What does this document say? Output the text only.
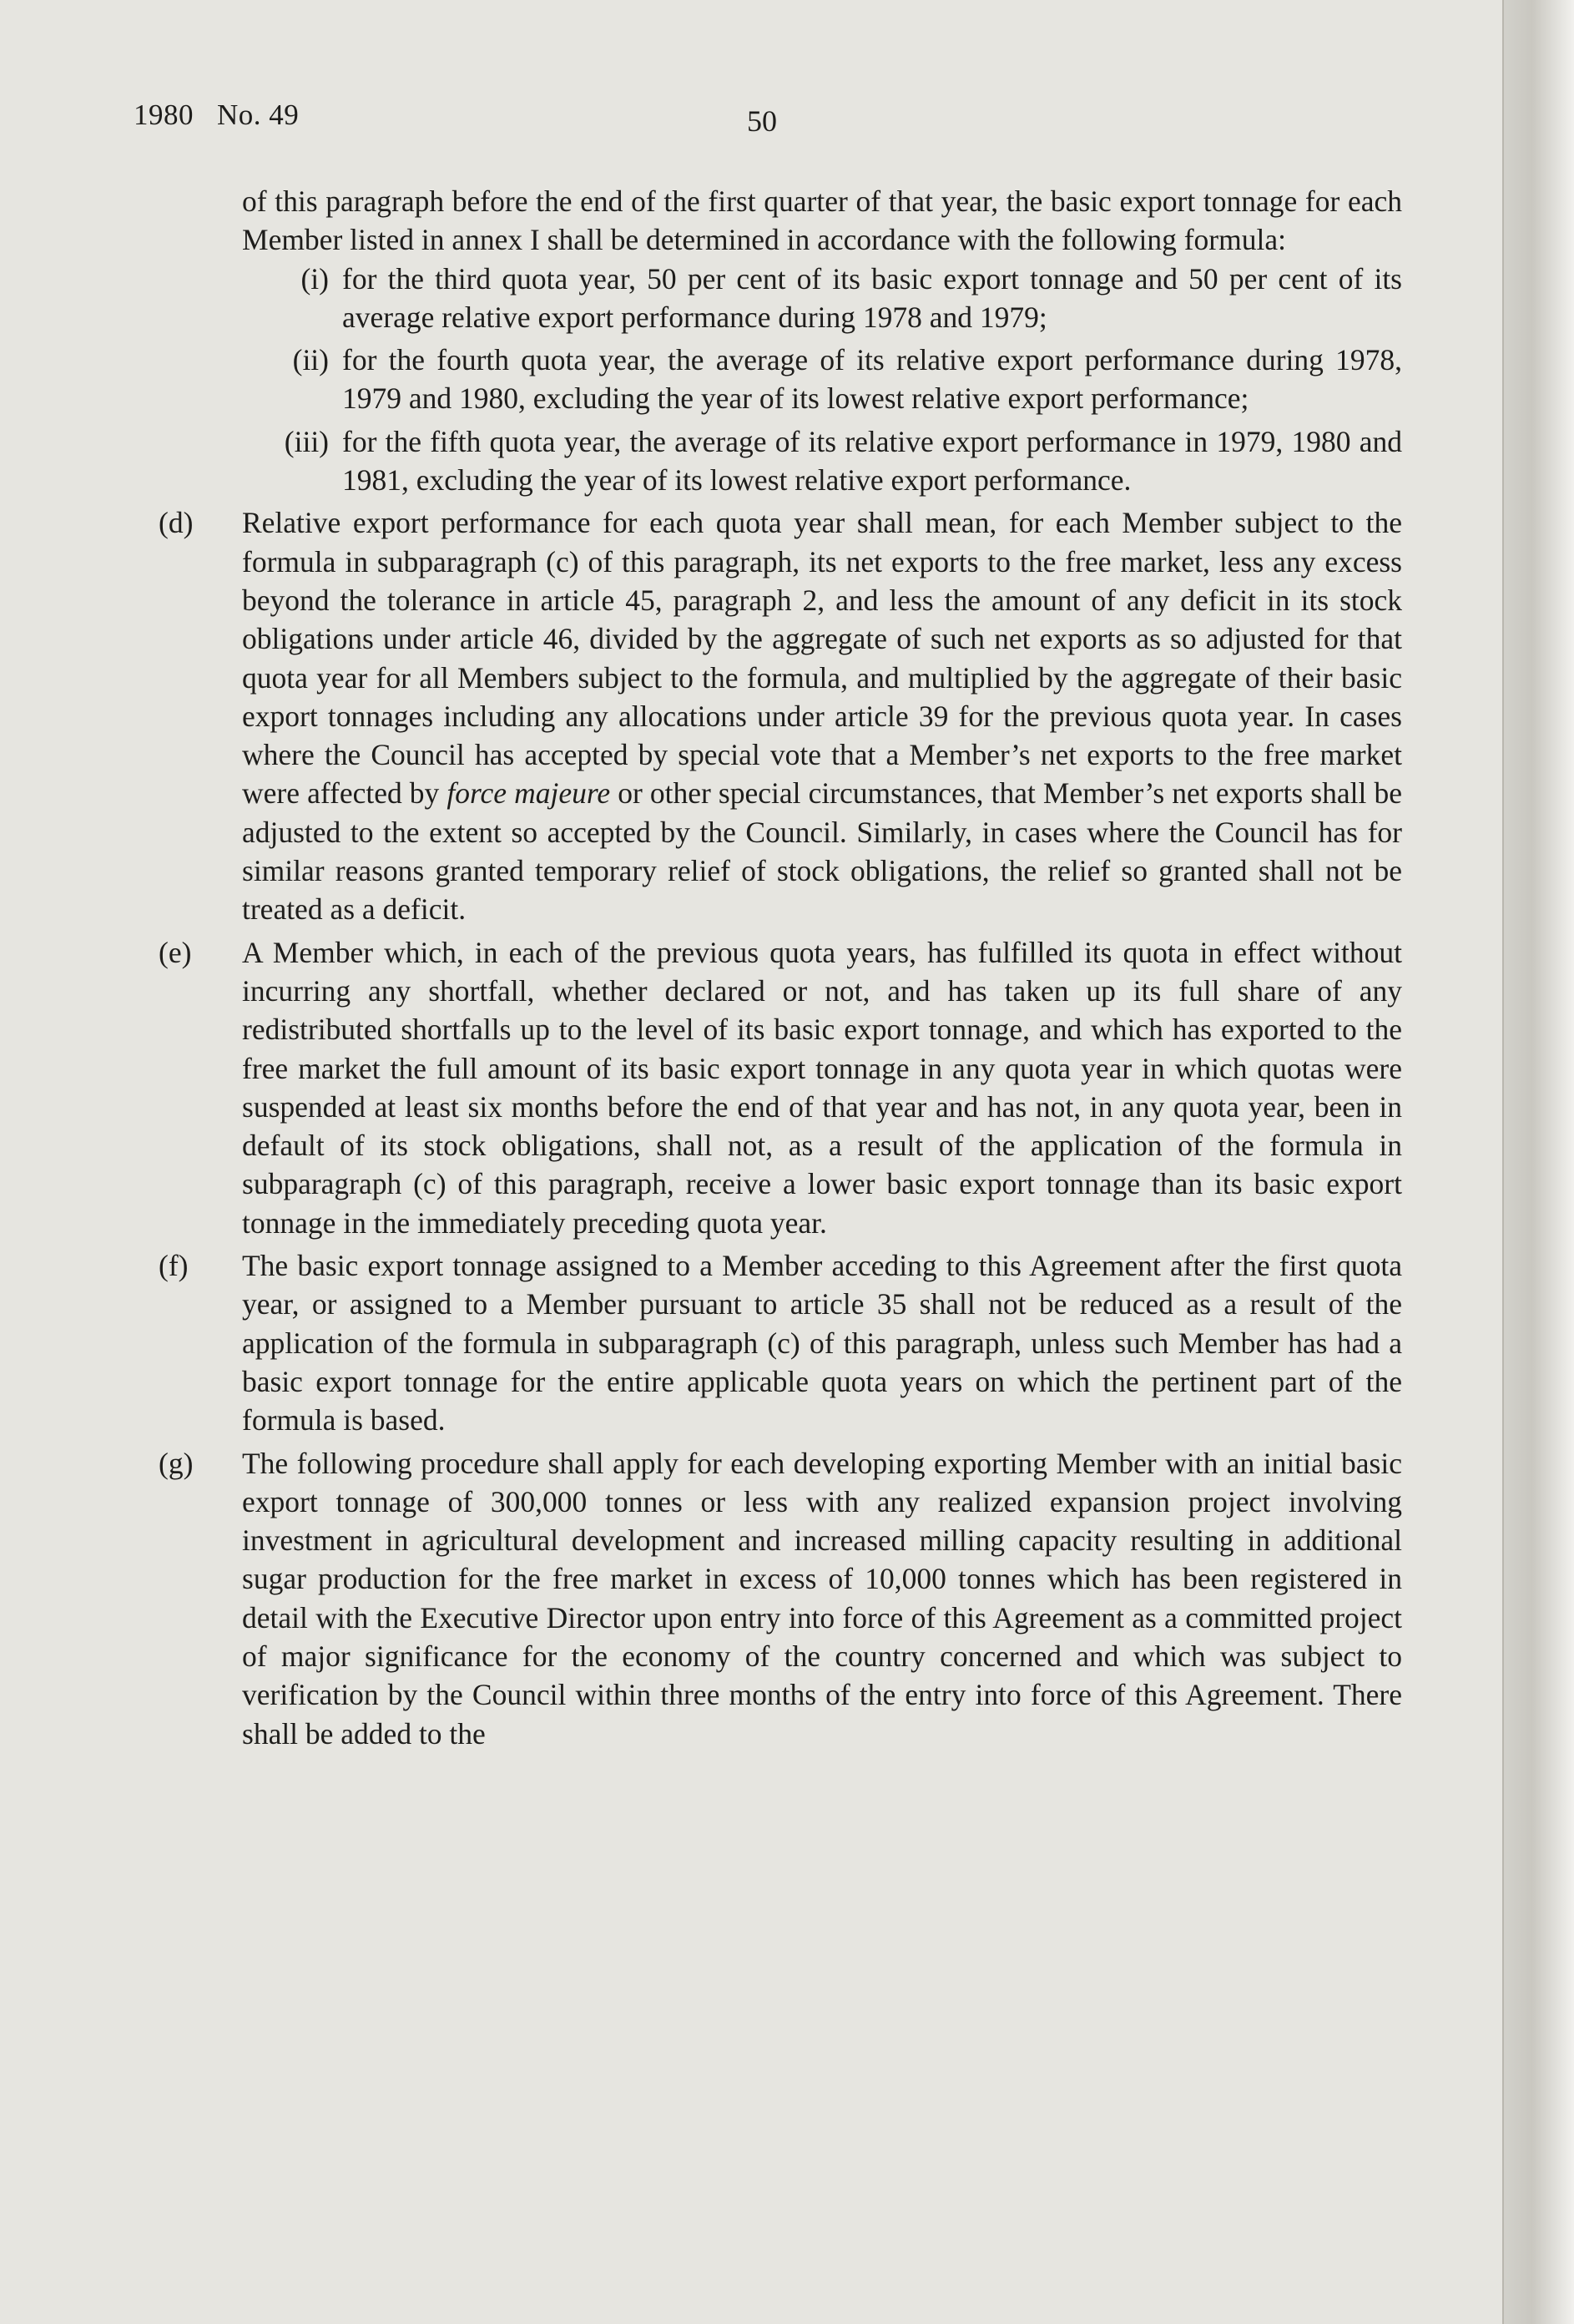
1980 No. 49	50

of this paragraph before the end of the first quarter of that year, the basic export tonnage for each Member listed in annex I shall be determined in accordance with the following formula:

(i) for the third quota year, 50 per cent of its basic export tonnage and 50 per cent of its average relative export performance during 1978 and 1979;
(ii) for the fourth quota year, the average of its relative export performance during 1978, 1979 and 1980, excluding the year of its lowest relative export performance;
(iii) for the fifth quota year, the average of its relative export performance in 1979, 1980 and 1981, excluding the year of its lowest relative export performance.
(d)	Relative export performance for each quota year shall mean, for each Member subject to the formula in subparagraph (c) of this paragraph, its net exports to the free market, less any excess beyond the tolerance in article 45, paragraph 2, and less the amount of any deficit in its stock obligations under article 46, divided by the aggregate of such net exports as so adjusted for that quota year for all Members subject to the formula, and multiplied by the aggregate of their basic export tonnages including any allocations under article 39 for the previous quota year. In cases where the Council has accepted by special vote that a Member’s net exports to the free market were affected by force majeure or other special circumstances, that Member’s net exports shall be adjusted to the extent so accepted by the Council. Similarly, in cases where the Council has for similar reasons granted temporary relief of stock obligations, the relief so granted shall not be treated as a deficit.
(e)	A Member which, in each of the previous quota years, has fulfilled its quota in effect without incurring any shortfall, whether declared or not, and has taken up its full share of any redistributed shortfalls up to the level of its basic export tonnage, and which has exported to the free market the full amount of its basic export tonnage in any quota year in which quotas were suspended at least six months before the end of that year and has not, in any quota year, been in default of its stock obligations, shall not, as a result of the application of the formula in subparagraph (c) of this paragraph, receive a lower basic export tonnage than its basic export tonnage in the immediately preceding quota year.
(f)	The basic export tonnage assigned to a Member acceding to this Agreement after the first quota year, or assigned to a Member pursuant to article 35 shall not be reduced as a result of the application of the formula in subparagraph (c) of this paragraph, unless such Member has had a basic export tonnage for the entire applicable quota years on which the pertinent part of the formula is based.
(g)	The following procedure shall apply for each developing exporting Member with an initial basic export tonnage of 300,000 tonnes or less with any realized expansion project involving investment in agricultural development and increased milling capacity resulting in additional sugar production for the free market in excess of 10,000 tonnes which has been registered in detail with the Executive Director upon entry into force of this Agreement as a committed project of major significance for the economy of the country concerned and which was subject to verification by the Council within three months of the entry into force of this Agreement. There shall be added to the
